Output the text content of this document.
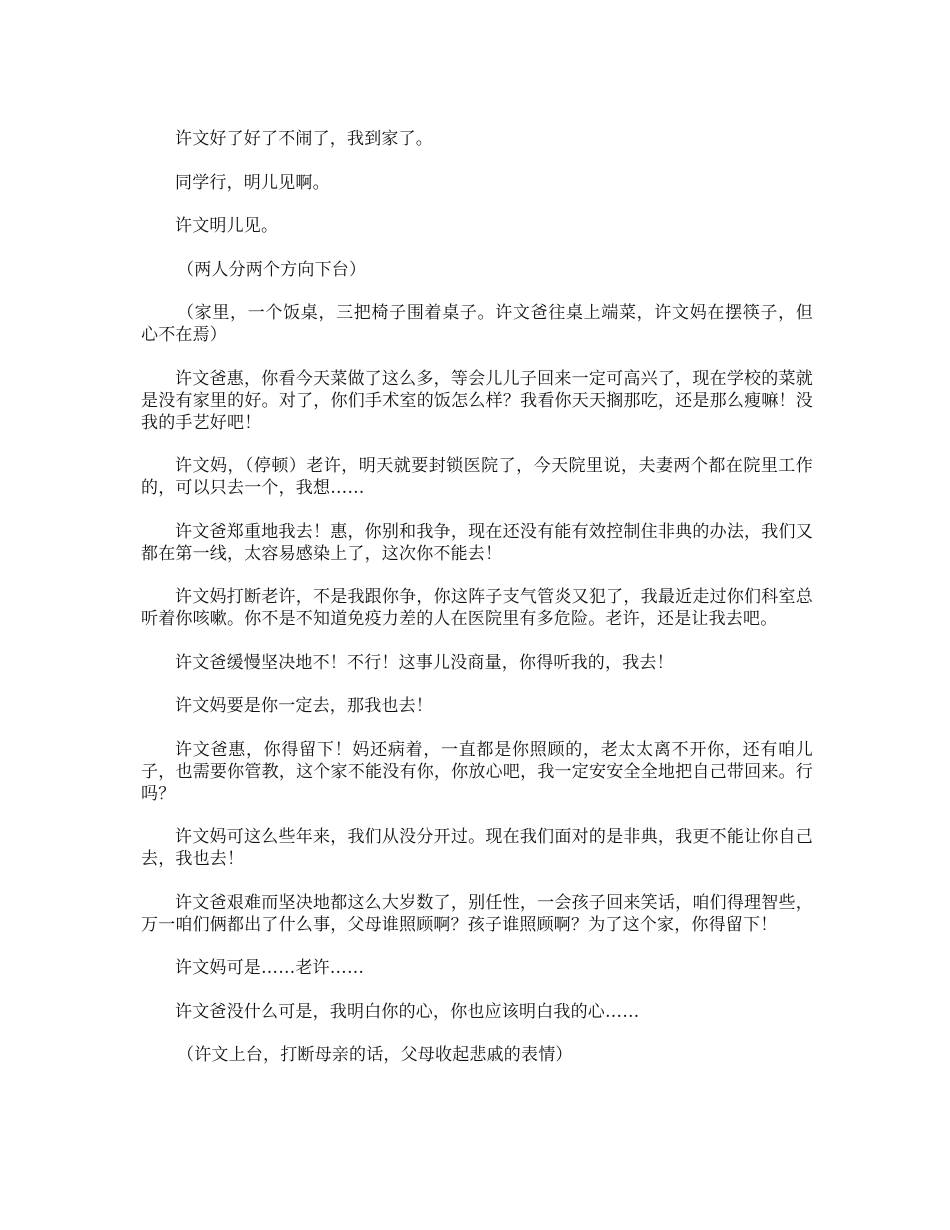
许文好了好了不闹了，我到家了。

同学行，明儿见啊。

许文明儿见。

（两人分两个方向下台）

（家里，一个饭桌，三把椅子围着桌子。许文爸往桌上端菜，许文妈在摆筷子，但心不在焉）

许文爸惠，你看今天菜做了这么多，等会儿儿子回来一定可高兴了，现在学校的菜就是没有家里的好。对了，你们手术室的饭怎么样？我看你天天搁那吃，还是那么瘦嘛！没我的手艺好吧！

许文妈，（停顿）老许，明天就要封锁医院了，今天院里说，夫妻两个都在院里工作的，可以只去一个，我想……

许文爸郑重地我去！惠，你别和我争，现在还没有能有效控制住非典的办法，我们又都在第一线，太容易感染上了，这次你不能去！

许文妈打断老许，不是我跟你争，你这阵子支气管炎又犯了，我最近走过你们科室总听着你咳嗽。你不是不知道免疫力差的人在医院里有多危险。老许，还是让我去吧。

许文爸缓慢坚决地不！不行！这事儿没商量，你得听我的，我去！

许文妈要是你一定去，那我也去！

许文爸惠，你得留下！妈还病着，一直都是你照顾的，老太太离不开你，还有咱儿子，也需要你管教，这个家不能没有你，你放心吧，我一定安安全全地把自己带回来。行吗？

许文妈可这么些年来，我们从没分开过。现在我们面对的是非典，我更不能让你自己去，我也去！

许文爸艰难而坚决地都这么大岁数了，别任性，一会孩子回来笑话，咱们得理智些，万一咱们俩都出了什么事，父母谁照顾啊？孩子谁照顾啊？为了这个家，你得留下！

许文妈可是……老许……

许文爸没什么可是，我明白你的心，你也应该明白我的心……

（许文上台，打断母亲的话，父母收起悲戚的表情）
